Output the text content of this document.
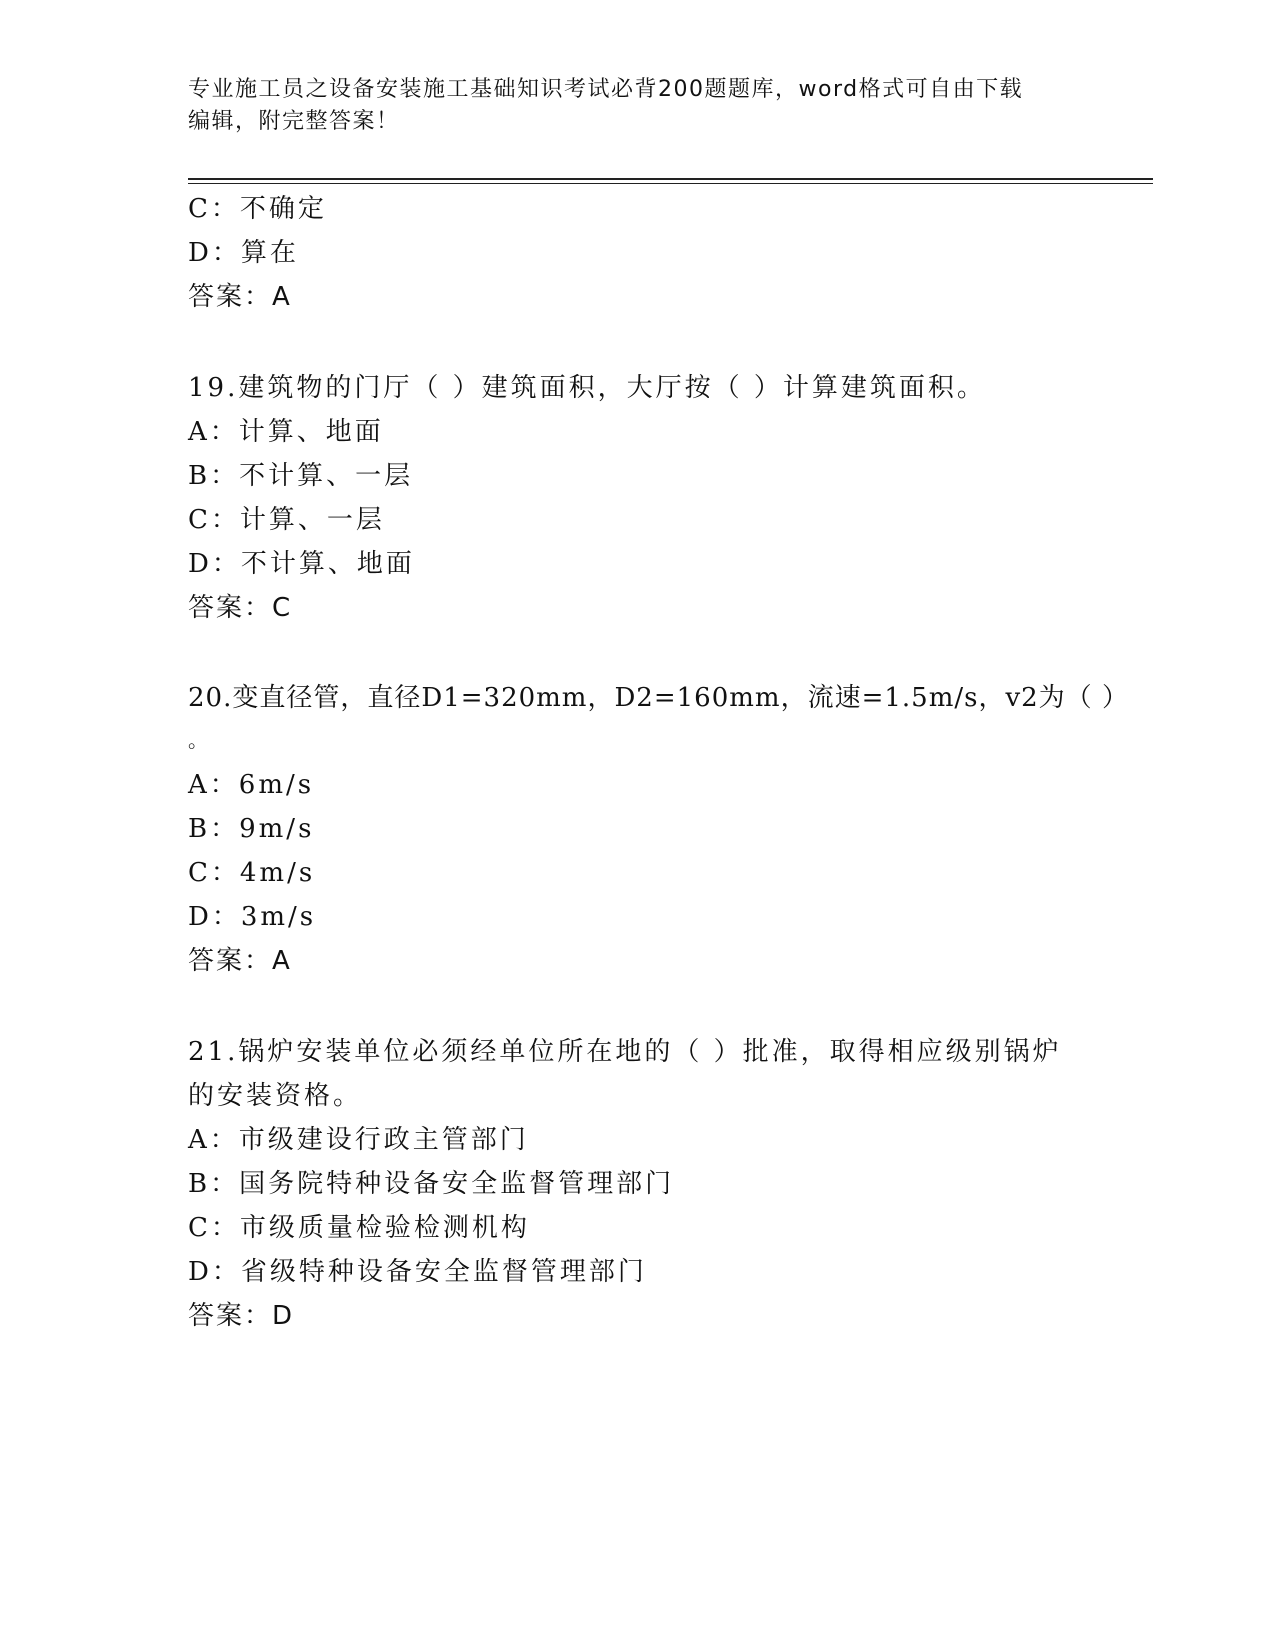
专业施工员之设备安装施工基础知识考试必背200题题库，word格式可自由下载
编辑，附完整答案！
C：不确定
D：算在
答案：A
19.建筑物的门厅（ ）建筑面积，大厅按（ ）计算建筑面积。
A：计算、地面
B：不计算、一层
C：计算、一层
D：不计算、地面
答案：C
20.变直径管，直径D1=320mm，D2=160mm，流速=1.5m/s，v2为（ ）
。
A：6m/s
B：9m/s
C：4m/s
D：3m/s
答案：A
21.锅炉安装单位必须经单位所在地的（ ）批准，取得相应级别锅炉
的安装资格。
A：市级建设行政主管部门
B：国务院特种设备安全监督管理部门
C：市级质量检验检测机构
D：省级特种设备安全监督管理部门
答案：D
